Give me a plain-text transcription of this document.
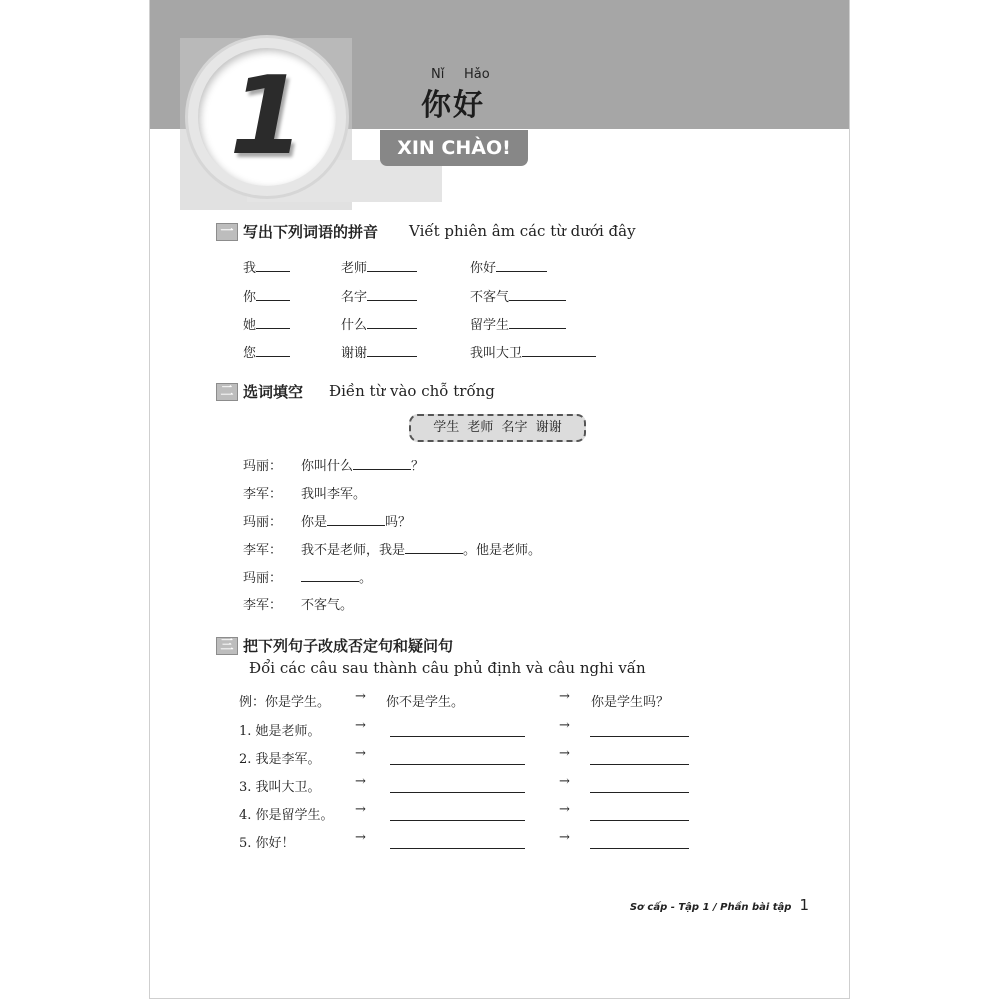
1	Nǐ Hǎo
你好
XIN CHÀO!
一 写出下列词语的拼音 Viết phiên âm các từ dưới đây
我	老师	你好
你	名字	不客气
她	什么	留学生
您	谢谢	我叫大卫
二 选词填空 Điền từ vào chỗ trống
学生 老师 名字 谢谢
玛丽： 你叫什么	？
李军： 我叫李军。
玛丽： 你是	吗？
李军： 我不是老师，我是	。他是老师。
玛丽：	。
李军： 不客气。
三 把下列句子改成否定句和疑问句
Đổi các câu sau thành câu phủ định và câu nghi vấn
例：你是学生。 → 你不是学生。	→ 你是学生吗？
1. 她是老师。	→	→
2. 我是李军。	→	→
3. 我叫大卫。	→	→
4. 你是留学生。 →	→
5. 你好！	→	→
Sơ cấp - Tập 1 / Phần bài tập 1
